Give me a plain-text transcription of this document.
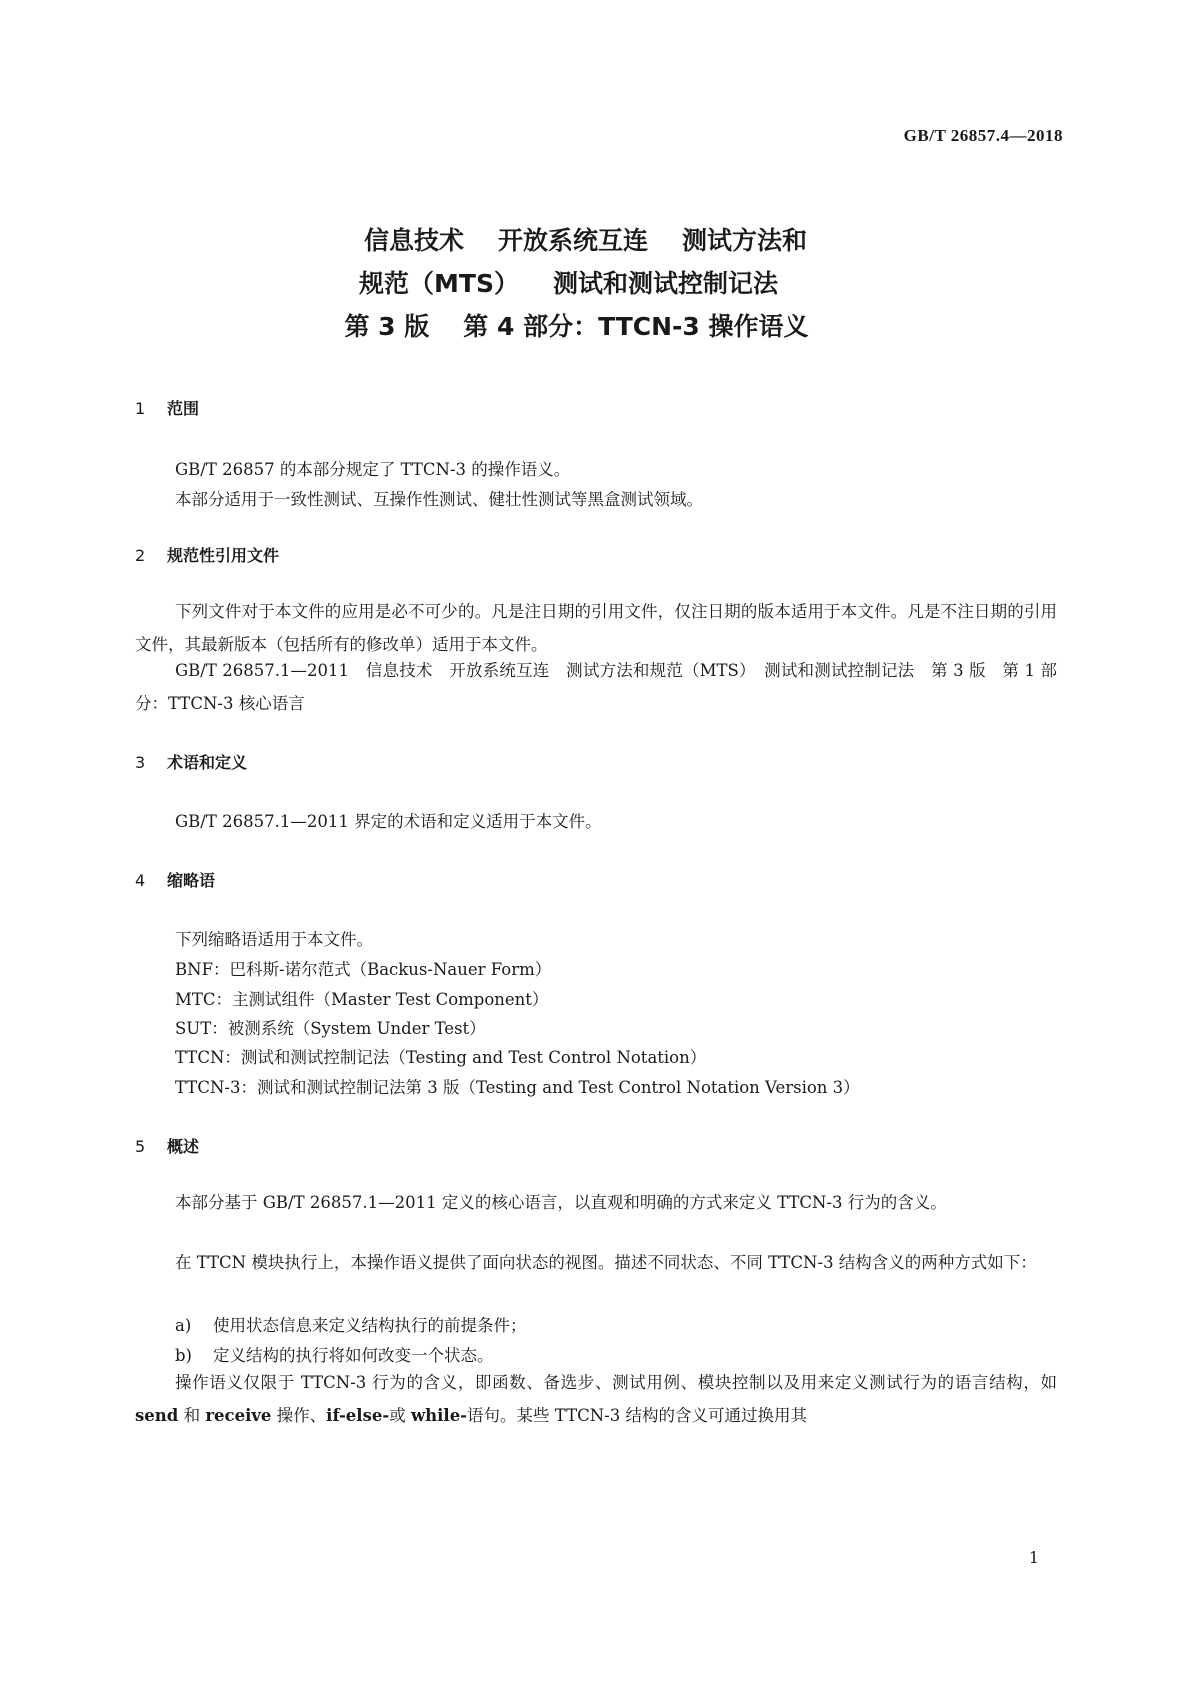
GB/T 26857.4—2018
信息技术 开放系统互连 测试方法和
规范（MTS） 测试和测试控制记法
第 3 版 第 4 部分：TTCN-3 操作语义
1 范围
GB/T 26857 的本部分规定了 TTCN-3 的操作语义。
本部分适用于一致性测试、互操作性测试、健壮性测试等黑盒测试领域。
2 规范性引用文件
下列文件对于本文件的应用是必不可少的。凡是注日期的引用文件，仅注日期的版本适用于本文件。凡是不注日期的引用文件，其最新版本（包括所有的修改单）适用于本文件。
GB/T 26857.1—2011　信息技术　开放系统互连　测试方法和规范（MTS）　测试和测试控制记法　第 3 版　第 1 部分：TTCN-3 核心语言
3 术语和定义
GB/T 26857.1—2011 界定的术语和定义适用于本文件。
4 缩略语
下列缩略语适用于本文件。
BNF：巴科斯-诺尔范式（Backus-Nauer Form）
MTC：主测试组件（Master Test Component）
SUT：被测系统（System Under Test）
TTCN：测试和测试控制记法（Testing and Test Control Notation）
TTCN-3：测试和测试控制记法第 3 版（Testing and Test Control Notation Version 3）
5 概述
本部分基于 GB/T 26857.1—2011 定义的核心语言，以直观和明确的方式来定义 TTCN-3 行为的含义。
在 TTCN 模块执行上，本操作语义提供了面向状态的视图。描述不同状态、不同 TTCN-3 结构含义的两种方式如下：
a) 使用状态信息来定义结构执行的前提条件；
b) 定义结构的执行将如何改变一个状态。
操作语义仅限于 TTCN-3 行为的含义，即函数、备选步、测试用例、模块控制以及用来定义测试行为的语言结构，如 send 和 receive 操作、if-else-或 while-语句。某些 TTCN-3 结构的含义可通过换用其
1
